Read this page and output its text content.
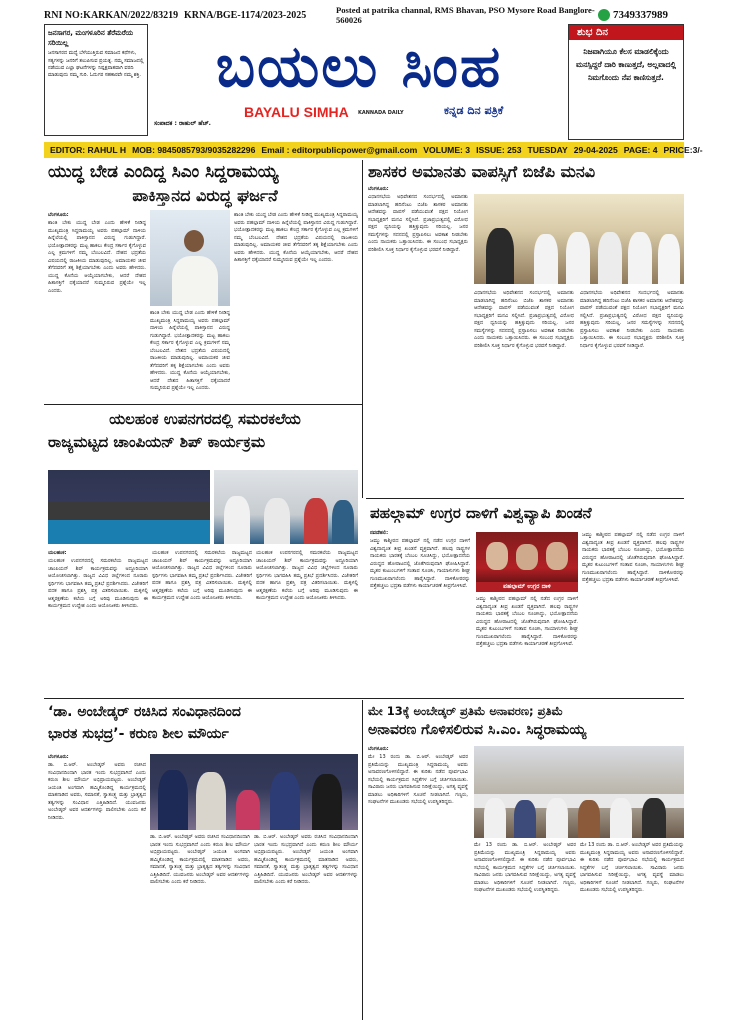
RNI NO:KARKAN/2022/83219 KRNA/BGE-1174/2023-2025	Posted at patrika channal, RMS Bhavan, PSO Mysore Road Banglore-560026	7349337989
ಜನಸಾಗರ, ಮಂಗಳೂರಿನ ತೆರೆಮರೆಯ ಸರಿಯಿಲ್ಲ
ಜನಸಾಗರದ ಮಧ್ಯೆ ಬೆಳೆಯುತ್ತಿರುವ ಸಮಾಜದ ಕಥೆಗಳು, ಸತ್ಯಗಳನ್ನು ಜನರಿಗೆ ತಲುಪಿಸುವ ಪ್ರಯತ್ನ. ನಮ್ಮ ಸಮಾಜದಲ್ಲಿ ನಡೆಯುವ ಎಲ್ಲಾ ಘಟನೆಗಳನ್ನು ನಿಷ್ಪಕ್ಷಪಾತವಾಗಿ ವರದಿ ಮಾಡುವುದು ನಮ್ಮ ಗುರಿ. ಓದುಗರ ಸಹಕಾರವೇ ನಮ್ಮ ಶಕ್ತಿ.	ಬಯಲು ಸಿಂಹ
BAYALU SIMHA KANNADA DAILY	ಕನ್ನಡ ದಿನ ಪತ್ರಿಕೆ
ಸಂಪಾದಕ : ರಾಹುಲ್ ಹೆಚ್.
ಶುಭ ದಿನ
ನಿಜವಾಗಿಯೂ ಕೆಲಸ ಮಾಡಲಿಕ್ಕೆಂದು ಮನಸ್ಸಿದ್ದರೆ ದಾರಿ ಕಾಣುತ್ತದೆ, ಅಲ್ಲವಾದಲ್ಲಿ ನಿಮಗೊಂದು ನೆಪ ಕಾಣಿಸುತ್ತದೆ.
EDITOR: RAHUL H MOB: 9845085793/9035282296 Email : editorpublicpower@gmail.com VOLUME: 3 ISSUE: 253 TUESDAY 29-04-2025 PAGE: 4 PRICE:3/-
ಯುದ್ಧ ಬೇಡ ಎಂದಿದ್ದ ಸಿಎಂ ಸಿದ್ದರಾಮಯ್ಯ
ಪಾಕಿಸ್ತಾನದ ವಿರುದ್ಧ ಘರ್ಜನೆ
ಬೆಂಗಳೂರು:
ಶಾಂತಿ ಬೇಕು ಯುದ್ಧ ಬೇಡ ಎಂದು ಹೇಳಿಕೆ ನೀಡಿದ್ದ ಮುಖ್ಯಮಂತ್ರಿ ಸಿದ್ದರಾಮಯ್ಯ ಅವರು ಪಹಲ್ಗಾಮ್ ದಾಳಿಯ ಹಿನ್ನೆಲೆಯಲ್ಲಿ ಪಾಕಿಸ್ತಾನದ ವಿರುದ್ಧ ಗುಡುಗಿದ್ದಾರೆ. ಭಯೋತ್ಪಾದಕರನ್ನು ಮಟ್ಟ ಹಾಕಲು ಕೇಂದ್ರ ಸರ್ಕಾರ ಕೈಗೊಳ್ಳುವ ಎಲ್ಲ ಕ್ರಮಗಳಿಗೆ ನಮ್ಮ ಬೆಂಬಲವಿದೆ. ದೇಶದ ಭದ್ರತೆಯ ವಿಷಯದಲ್ಲಿ ರಾಜಕೀಯ ಮಾಡುವುದಿಲ್ಲ. ಅಮಾಯಕರ ಜೀವ ತೆಗೆದವರಿಗೆ ತಕ್ಕ ಶಿಕ್ಷೆಯಾಗಬೇಕು ಎಂದು ಅವರು ಹೇಳಿದರು. ಯುದ್ಧ ಕೊನೆಯ ಆಯ್ಕೆಯಾಗಬೇಕು, ಆದರೆ ದೇಶದ ಹಿತಾಸಕ್ತಿಗೆ ಧಕ್ಕೆಯಾದರೆ ಸುಮ್ಮನಿರುವ ಪ್ರಶ್ನೆಯೇ ಇಲ್ಲ ಎಂದರು.
ಶಾಂತಿ ಬೇಕು ಯುದ್ಧ ಬೇಡ ಎಂದು ಹೇಳಿಕೆ ನೀಡಿದ್ದ ಮುಖ್ಯಮಂತ್ರಿ ಸಿದ್ದರಾಮಯ್ಯ ಅವರು ಪಹಲ್ಗಾಮ್ ದಾಳಿಯ ಹಿನ್ನೆಲೆಯಲ್ಲಿ ಪಾಕಿಸ್ತಾನದ ವಿರುದ್ಧ ಗುಡುಗಿದ್ದಾರೆ. ಭಯೋತ್ಪಾದಕರನ್ನು ಮಟ್ಟ ಹಾಕಲು ಕೇಂದ್ರ ಸರ್ಕಾರ ಕೈಗೊಳ್ಳುವ ಎಲ್ಲ ಕ್ರಮಗಳಿಗೆ ನಮ್ಮ ಬೆಂಬಲವಿದೆ. ದೇಶದ ಭದ್ರತೆಯ ವಿಷಯದಲ್ಲಿ ರಾಜಕೀಯ ಮಾಡುವುದಿಲ್ಲ. ಅಮಾಯಕರ ಜೀವ ತೆಗೆದವರಿಗೆ ತಕ್ಕ ಶಿಕ್ಷೆಯಾಗಬೇಕು ಎಂದು ಅವರು ಹೇಳಿದರು. ಯುದ್ಧ ಕೊನೆಯ ಆಯ್ಕೆಯಾಗಬೇಕು, ಆದರೆ ದೇಶದ ಹಿತಾಸಕ್ತಿಗೆ ಧಕ್ಕೆಯಾದರೆ ಸುಮ್ಮನಿರುವ ಪ್ರಶ್ನೆಯೇ ಇಲ್ಲ ಎಂದರು.
ಶಾಂತಿ ಬೇಕು ಯುದ್ಧ ಬೇಡ ಎಂದು ಹೇಳಿಕೆ ನೀಡಿದ್ದ ಮುಖ್ಯಮಂತ್ರಿ ಸಿದ್ದರಾಮಯ್ಯ ಅವರು ಪಹಲ್ಗಾಮ್ ದಾಳಿಯ ಹಿನ್ನೆಲೆಯಲ್ಲಿ ಪಾಕಿಸ್ತಾನದ ವಿರುದ್ಧ ಗುಡುಗಿದ್ದಾರೆ. ಭಯೋತ್ಪಾದಕರನ್ನು ಮಟ್ಟ ಹಾಕಲು ಕೇಂದ್ರ ಸರ್ಕಾರ ಕೈಗೊಳ್ಳುವ ಎಲ್ಲ ಕ್ರಮಗಳಿಗೆ ನಮ್ಮ ಬೆಂಬಲವಿದೆ. ದೇಶದ ಭದ್ರತೆಯ ವಿಷಯದಲ್ಲಿ ರಾಜಕೀಯ ಮಾಡುವುದಿಲ್ಲ. ಅಮಾಯಕರ ಜೀವ ತೆಗೆದವರಿಗೆ ತಕ್ಕ ಶಿಕ್ಷೆಯಾಗಬೇಕು ಎಂದು ಅವರು ಹೇಳಿದರು. ಯುದ್ಧ ಕೊನೆಯ ಆಯ್ಕೆಯಾಗಬೇಕು, ಆದರೆ ದೇಶದ ಹಿತಾಸಕ್ತಿಗೆ ಧಕ್ಕೆಯಾದರೆ ಸುಮ್ಮನಿರುವ ಪ್ರಶ್ನೆಯೇ ಇಲ್ಲ ಎಂದರು.
ಶಾಸಕರ ಅಮಾನತು ವಾಪಸ್ಸಿಗೆ ಬಿಜೆಪಿ ಮನವಿ
ಬೆಂಗಳೂರು:
ವಿಧಾನಸಭೆಯ ಅಧಿವೇಶನದ ಸಂದರ್ಭದಲ್ಲಿ ಅಮಾನತು ಮಾಡಲಾಗಿದ್ದ ಹದಿನೆಂಟು ಬಿಜೆಪಿ ಶಾಸಕರ ಅಮಾನತು ಆದೇಶವನ್ನು ವಾಪಸ್ ಪಡೆಯುವಂತೆ ಪಕ್ಷದ ನಿಯೋಗ ಸಭಾಧ್ಯಕ್ಷರಿಗೆ ಮನವಿ ಸಲ್ಲಿಸಿದೆ. ಪ್ರಜಾಪ್ರಭುತ್ವದಲ್ಲಿ ವಿರೋಧ ಪಕ್ಷದ ಧ್ವನಿಯನ್ನು ಹತ್ತಿಕ್ಕುವುದು ಸರಿಯಲ್ಲ. ಜನರ ಸಮಸ್ಯೆಗಳನ್ನು ಸದನದಲ್ಲಿ ಪ್ರಸ್ತಾಪಿಸಲು ಅವಕಾಶ ನೀಡಬೇಕು ಎಂದು ನಾಯಕರು ಒತ್ತಾಯಿಸಿದರು. ಈ ಸಂಬಂಧ ಸಭಾಧ್ಯಕ್ಷರು ಪರಿಶೀಲಿಸಿ ಸೂಕ್ತ ನಿರ್ಧಾರ ಕೈಗೊಳ್ಳುವ ಭರವಸೆ ನೀಡಿದ್ದಾರೆ.
ವಿಧಾನಸಭೆಯ ಅಧಿವೇಶನದ ಸಂದರ್ಭದಲ್ಲಿ ಅಮಾನತು ಮಾಡಲಾಗಿದ್ದ ಹದಿನೆಂಟು ಬಿಜೆಪಿ ಶಾಸಕರ ಅಮಾನತು ಆದೇಶವನ್ನು ವಾಪಸ್ ಪಡೆಯುವಂತೆ ಪಕ್ಷದ ನಿಯೋಗ ಸಭಾಧ್ಯಕ್ಷರಿಗೆ ಮನವಿ ಸಲ್ಲಿಸಿದೆ. ಪ್ರಜಾಪ್ರಭುತ್ವದಲ್ಲಿ ವಿರೋಧ ಪಕ್ಷದ ಧ್ವನಿಯನ್ನು ಹತ್ತಿಕ್ಕುವುದು ಸರಿಯಲ್ಲ. ಜನರ ಸಮಸ್ಯೆಗಳನ್ನು ಸದನದಲ್ಲಿ ಪ್ರಸ್ತಾಪಿಸಲು ಅವಕಾಶ ನೀಡಬೇಕು ಎಂದು ನಾಯಕರು ಒತ್ತಾಯಿಸಿದರು. ಈ ಸಂಬಂಧ ಸಭಾಧ್ಯಕ್ಷರು ಪರಿಶೀಲಿಸಿ ಸೂಕ್ತ ನಿರ್ಧಾರ ಕೈಗೊಳ್ಳುವ ಭರವಸೆ ನೀಡಿದ್ದಾರೆ.
ವಿಧಾನಸಭೆಯ ಅಧಿವೇಶನದ ಸಂದರ್ಭದಲ್ಲಿ ಅಮಾನತು ಮಾಡಲಾಗಿದ್ದ ಹದಿನೆಂಟು ಬಿಜೆಪಿ ಶಾಸಕರ ಅಮಾನತು ಆದೇಶವನ್ನು ವಾಪಸ್ ಪಡೆಯುವಂತೆ ಪಕ್ಷದ ನಿಯೋಗ ಸಭಾಧ್ಯಕ್ಷರಿಗೆ ಮನವಿ ಸಲ್ಲಿಸಿದೆ. ಪ್ರಜಾಪ್ರಭುತ್ವದಲ್ಲಿ ವಿರೋಧ ಪಕ್ಷದ ಧ್ವನಿಯನ್ನು ಹತ್ತಿಕ್ಕುವುದು ಸರಿಯಲ್ಲ. ಜನರ ಸಮಸ್ಯೆಗಳನ್ನು ಸದನದಲ್ಲಿ ಪ್ರಸ್ತಾಪಿಸಲು ಅವಕಾಶ ನೀಡಬೇಕು ಎಂದು ನಾಯಕರು ಒತ್ತಾಯಿಸಿದರು. ಈ ಸಂಬಂಧ ಸಭಾಧ್ಯಕ್ಷರು ಪರಿಶೀಲಿಸಿ ಸೂಕ್ತ ನಿರ್ಧಾರ ಕೈಗೊಳ್ಳುವ ಭರವಸೆ ನೀಡಿದ್ದಾರೆ.
ಯಲಹಂಕ ಉಪನಗರದಲ್ಲಿ ಸಮರಕಲೆಯ
ರಾಜ್ಯಮಟ್ಟದ ಚಾಂಪಿಯನ್ ಶಿಪ್ ಕಾರ್ಯಕ್ರಮ
ಯಲಹಂಕ:
ಯಲಹಂಕ ಉಪನಗರದಲ್ಲಿ ಸಮರಕಲೆಯ ರಾಜ್ಯಮಟ್ಟದ ಚಾಂಪಿಯನ್ ಶಿಪ್ ಕಾರ್ಯಕ್ರಮವನ್ನು ಅದ್ದೂರಿಯಾಗಿ ಆಯೋಜಿಸಲಾಗಿತ್ತು. ರಾಜ್ಯದ ವಿವಿಧ ಜಿಲ್ಲೆಗಳಿಂದ ನೂರಾರು ಸ್ಪರ್ಧಿಗಳು ಭಾಗವಹಿಸಿ ತಮ್ಮ ಪ್ರತಿಭೆ ಪ್ರದರ್ಶಿಸಿದರು. ವಿಜೇತರಿಗೆ ಪದಕ ಹಾಗೂ ಪ್ರಶಸ್ತಿ ಪತ್ರ ವಿತರಿಸಲಾಯಿತು. ಮಕ್ಕಳಲ್ಲಿ ಆತ್ಮರಕ್ಷಣೆಯ ಕಲೆಯ ಬಗ್ಗೆ ಅರಿವು ಮೂಡಿಸುವುದು ಈ ಕಾರ್ಯಕ್ರಮದ ಉದ್ದೇಶ ಎಂದು ಆಯೋಜಕರು ತಿಳಿಸಿದರು.
ಯಲಹಂಕ ಉಪನಗರದಲ್ಲಿ ಸಮರಕಲೆಯ ರಾಜ್ಯಮಟ್ಟದ ಚಾಂಪಿಯನ್ ಶಿಪ್ ಕಾರ್ಯಕ್ರಮವನ್ನು ಅದ್ದೂರಿಯಾಗಿ ಆಯೋಜಿಸಲಾಗಿತ್ತು. ರಾಜ್ಯದ ವಿವಿಧ ಜಿಲ್ಲೆಗಳಿಂದ ನೂರಾರು ಸ್ಪರ್ಧಿಗಳು ಭಾಗವಹಿಸಿ ತಮ್ಮ ಪ್ರತಿಭೆ ಪ್ರದರ್ಶಿಸಿದರು. ವಿಜೇತರಿಗೆ ಪದಕ ಹಾಗೂ ಪ್ರಶಸ್ತಿ ಪತ್ರ ವಿತರಿಸಲಾಯಿತು. ಮಕ್ಕಳಲ್ಲಿ ಆತ್ಮರಕ್ಷಣೆಯ ಕಲೆಯ ಬಗ್ಗೆ ಅರಿವು ಮೂಡಿಸುವುದು ಈ ಕಾರ್ಯಕ್ರಮದ ಉದ್ದೇಶ ಎಂದು ಆಯೋಜಕರು ತಿಳಿಸಿದರು.
ಯಲಹಂಕ ಉಪನಗರದಲ್ಲಿ ಸಮರಕಲೆಯ ರಾಜ್ಯಮಟ್ಟದ ಚಾಂಪಿಯನ್ ಶಿಪ್ ಕಾರ್ಯಕ್ರಮವನ್ನು ಅದ್ದೂರಿಯಾಗಿ ಆಯೋಜಿಸಲಾಗಿತ್ತು. ರಾಜ್ಯದ ವಿವಿಧ ಜಿಲ್ಲೆಗಳಿಂದ ನೂರಾರು ಸ್ಪರ್ಧಿಗಳು ಭಾಗವಹಿಸಿ ತಮ್ಮ ಪ್ರತಿಭೆ ಪ್ರದರ್ಶಿಸಿದರು. ವಿಜೇತರಿಗೆ ಪದಕ ಹಾಗೂ ಪ್ರಶಸ್ತಿ ಪತ್ರ ವಿತರಿಸಲಾಯಿತು. ಮಕ್ಕಳಲ್ಲಿ ಆತ್ಮರಕ್ಷಣೆಯ ಕಲೆಯ ಬಗ್ಗೆ ಅರಿವು ಮೂಡಿಸುವುದು ಈ ಕಾರ್ಯಕ್ರಮದ ಉದ್ದೇಶ ಎಂದು ಆಯೋಜಕರು ತಿಳಿಸಿದರು.
ಪಹಲ್ಗಾಮ್ ಉಗ್ರರ ದಾಳಿಗೆ ವಿಶ್ವವ್ಯಾಪಿ ಖಂಡನೆ
ನವದೆಹಲಿ:
ಜಮ್ಮು ಕಾಶ್ಮೀರದ ಪಹಲ್ಗಾಮ್ ನಲ್ಲಿ ನಡೆದ ಉಗ್ರರ ದಾಳಿಗೆ ವಿಶ್ವದಾದ್ಯಂತ ತೀವ್ರ ಖಂಡನೆ ವ್ಯಕ್ತವಾಗಿದೆ. ಹಲವು ರಾಷ್ಟ್ರಗಳ ನಾಯಕರು ಭಾರತಕ್ಕೆ ಬೆಂಬಲ ಸೂಚಿಸಿದ್ದು, ಭಯೋತ್ಪಾದನೆಯ ವಿರುದ್ಧದ ಹೋರಾಟದಲ್ಲಿ ಜೊತೆಗಿರುವುದಾಗಿ ಘೋಷಿಸಿದ್ದಾರೆ. ಮೃತರ ಕುಟುಂಬಗಳಿಗೆ ಸಂತಾಪ ಸೂಚಿಸಿ, ಗಾಯಾಳುಗಳು ಶೀಘ್ರ ಗುಣಮುಖರಾಗಲೆಂದು ಹಾರೈಸಿದ್ದಾರೆ. ದಾಳಿಕೋರರನ್ನು ಪತ್ತೆಹಚ್ಚಲು ಭದ್ರತಾ ಪಡೆಗಳು ಕಾರ್ಯಾಚರಣೆ ತೀವ್ರಗೊಳಿಸಿವೆ.	ಪಹಲ್ಗಾಮ್ ಉಗ್ರರ ದಾಳಿ
ಜಮ್ಮು ಕಾಶ್ಮೀರದ ಪಹಲ್ಗಾಮ್ ನಲ್ಲಿ ನಡೆದ ಉಗ್ರರ ದಾಳಿಗೆ ವಿಶ್ವದಾದ್ಯಂತ ತೀವ್ರ ಖಂಡನೆ ವ್ಯಕ್ತವಾಗಿದೆ. ಹಲವು ರಾಷ್ಟ್ರಗಳ ನಾಯಕರು ಭಾರತಕ್ಕೆ ಬೆಂಬಲ ಸೂಚಿಸಿದ್ದು, ಭಯೋತ್ಪಾದನೆಯ ವಿರುದ್ಧದ ಹೋರಾಟದಲ್ಲಿ ಜೊತೆಗಿರುವುದಾಗಿ ಘೋಷಿಸಿದ್ದಾರೆ. ಮೃತರ ಕುಟುಂಬಗಳಿಗೆ ಸಂತಾಪ ಸೂಚಿಸಿ, ಗಾಯಾಳುಗಳು ಶೀಘ್ರ ಗುಣಮುಖರಾಗಲೆಂದು ಹಾರೈಸಿದ್ದಾರೆ. ದಾಳಿಕೋರರನ್ನು ಪತ್ತೆಹಚ್ಚಲು ಭದ್ರತಾ ಪಡೆಗಳು ಕಾರ್ಯಾಚರಣೆ ತೀವ್ರಗೊಳಿಸಿವೆ.
ಜಮ್ಮು ಕಾಶ್ಮೀರದ ಪಹಲ್ಗಾಮ್ ನಲ್ಲಿ ನಡೆದ ಉಗ್ರರ ದಾಳಿಗೆ ವಿಶ್ವದಾದ್ಯಂತ ತೀವ್ರ ಖಂಡನೆ ವ್ಯಕ್ತವಾಗಿದೆ. ಹಲವು ರಾಷ್ಟ್ರಗಳ ನಾಯಕರು ಭಾರತಕ್ಕೆ ಬೆಂಬಲ ಸೂಚಿಸಿದ್ದು, ಭಯೋತ್ಪಾದನೆಯ ವಿರುದ್ಧದ ಹೋರಾಟದಲ್ಲಿ ಜೊತೆಗಿರುವುದಾಗಿ ಘೋಷಿಸಿದ್ದಾರೆ. ಮೃತರ ಕುಟುಂಬಗಳಿಗೆ ಸಂತಾಪ ಸೂಚಿಸಿ, ಗಾಯಾಳುಗಳು ಶೀಘ್ರ ಗುಣಮುಖರಾಗಲೆಂದು ಹಾರೈಸಿದ್ದಾರೆ. ದಾಳಿಕೋರರನ್ನು ಪತ್ತೆಹಚ್ಚಲು ಭದ್ರತಾ ಪಡೆಗಳು ಕಾರ್ಯಾಚರಣೆ ತೀವ್ರಗೊಳಿಸಿವೆ.
‘ಡಾ. ಅಂಬೇಡ್ಕರ್ ರಚಿಸಿದ ಸಂವಿಧಾನದಿಂದ
ಭಾರತ ಸುಭದ್ರ’- ಕರುಣ ಶೀಲ ಮೌರ್ಯ
ಬೆಂಗಳೂರು:
ಡಾ. ಬಿ.ಆರ್. ಅಂಬೇಡ್ಕರ್ ಅವರು ರಚಿಸಿದ ಸಂವಿಧಾನದಿಂದಾಗಿ ಭಾರತ ಇಂದು ಸುಭದ್ರವಾಗಿದೆ ಎಂದು ಕರುಣ ಶೀಲ ಮೌರ್ಯ ಅಭಿಪ್ರಾಯಪಟ್ಟರು. ಅಂಬೇಡ್ಕರ್ ಜಯಂತಿ ಅಂಗವಾಗಿ ಹಮ್ಮಿಕೊಂಡಿದ್ದ ಕಾರ್ಯಕ್ರಮದಲ್ಲಿ ಮಾತನಾಡಿದ ಅವರು, ಸಮಾನತೆ, ಸ್ವಾತಂತ್ರ್ಯ ಮತ್ತು ಭ್ರಾತೃತ್ವದ ತತ್ವಗಳನ್ನು ಸಂವಿಧಾನ ಎತ್ತಿಹಿಡಿದಿದೆ. ಯುವಜನರು ಅಂಬೇಡ್ಕರ್ ಅವರ ಆದರ್ಶಗಳನ್ನು ಪಾಲಿಸಬೇಕು ಎಂದು ಕರೆ ನೀಡಿದರು.
ಡಾ. ಬಿ.ಆರ್. ಅಂಬೇಡ್ಕರ್ ಅವರು ರಚಿಸಿದ ಸಂವಿಧಾನದಿಂದಾಗಿ ಭಾರತ ಇಂದು ಸುಭದ್ರವಾಗಿದೆ ಎಂದು ಕರುಣ ಶೀಲ ಮೌರ್ಯ ಅಭಿಪ್ರಾಯಪಟ್ಟರು. ಅಂಬೇಡ್ಕರ್ ಜಯಂತಿ ಅಂಗವಾಗಿ ಹಮ್ಮಿಕೊಂಡಿದ್ದ ಕಾರ್ಯಕ್ರಮದಲ್ಲಿ ಮಾತನಾಡಿದ ಅವರು, ಸಮಾನತೆ, ಸ್ವಾತಂತ್ರ್ಯ ಮತ್ತು ಭ್ರಾತೃತ್ವದ ತತ್ವಗಳನ್ನು ಸಂವಿಧಾನ ಎತ್ತಿಹಿಡಿದಿದೆ. ಯುವಜನರು ಅಂಬೇಡ್ಕರ್ ಅವರ ಆದರ್ಶಗಳನ್ನು ಪಾಲಿಸಬೇಕು ಎಂದು ಕರೆ ನೀಡಿದರು.
ಡಾ. ಬಿ.ಆರ್. ಅಂಬೇಡ್ಕರ್ ಅವರು ರಚಿಸಿದ ಸಂವಿಧಾನದಿಂದಾಗಿ ಭಾರತ ಇಂದು ಸುಭದ್ರವಾಗಿದೆ ಎಂದು ಕರುಣ ಶೀಲ ಮೌರ್ಯ ಅಭಿಪ್ರಾಯಪಟ್ಟರು. ಅಂಬೇಡ್ಕರ್ ಜಯಂತಿ ಅಂಗವಾಗಿ ಹಮ್ಮಿಕೊಂಡಿದ್ದ ಕಾರ್ಯಕ್ರಮದಲ್ಲಿ ಮಾತನಾಡಿದ ಅವರು, ಸಮಾನತೆ, ಸ್ವಾತಂತ್ರ್ಯ ಮತ್ತು ಭ್ರಾತೃತ್ವದ ತತ್ವಗಳನ್ನು ಸಂವಿಧಾನ ಎತ್ತಿಹಿಡಿದಿದೆ. ಯುವಜನರು ಅಂಬೇಡ್ಕರ್ ಅವರ ಆದರ್ಶಗಳನ್ನು ಪಾಲಿಸಬೇಕು ಎಂದು ಕರೆ ನೀಡಿದರು.
ಮೇ 13ಕ್ಕೆ ಅಂಬೇಡ್ಕರ್ ಪ್ರತಿಮೆ ಅನಾವರಣ; ಪ್ರತಿಮೆ
ಅನಾವರಣ ಗೊಳಿಸಲಿರುವ ಸಿ.ಎಂ. ಸಿದ್ಧರಾಮಯ್ಯ
ಬೆಂಗಳೂರು:
ಮೇ 13 ರಂದು ಡಾ. ಬಿ.ಆರ್. ಅಂಬೇಡ್ಕರ್ ಅವರ ಪ್ರತಿಮೆಯನ್ನು ಮುಖ್ಯಮಂತ್ರಿ ಸಿದ್ಧರಾಮಯ್ಯ ಅವರು ಅನಾವರಣಗೊಳಿಸಲಿದ್ದಾರೆ. ಈ ಕುರಿತು ನಡೆದ ಪೂರ್ವಭಾವಿ ಸಭೆಯಲ್ಲಿ ಕಾರ್ಯಕ್ರಮದ ಸಿದ್ಧತೆಗಳ ಬಗ್ಗೆ ಚರ್ಚಿಸಲಾಯಿತು. ಸಾವಿರಾರು ಜನರು ಭಾಗವಹಿಸುವ ನಿರೀಕ್ಷೆಯಿದ್ದು, ಅಗತ್ಯ ವ್ಯವಸ್ಥೆ ಮಾಡಲು ಅಧಿಕಾರಿಗಳಿಗೆ ಸೂಚನೆ ನೀಡಲಾಗಿದೆ. ಗಣ್ಯರು, ಸಂಘಟನೆಗಳ ಮುಖಂಡರು ಸಭೆಯಲ್ಲಿ ಉಪಸ್ಥಿತರಿದ್ದರು.
ಮೇ 13 ರಂದು ಡಾ. ಬಿ.ಆರ್. ಅಂಬೇಡ್ಕರ್ ಅವರ ಪ್ರತಿಮೆಯನ್ನು ಮುಖ್ಯಮಂತ್ರಿ ಸಿದ್ಧರಾಮಯ್ಯ ಅವರು ಅನಾವರಣಗೊಳಿಸಲಿದ್ದಾರೆ. ಈ ಕುರಿತು ನಡೆದ ಪೂರ್ವಭಾವಿ ಸಭೆಯಲ್ಲಿ ಕಾರ್ಯಕ್ರಮದ ಸಿದ್ಧತೆಗಳ ಬಗ್ಗೆ ಚರ್ಚಿಸಲಾಯಿತು. ಸಾವಿರಾರು ಜನರು ಭಾಗವಹಿಸುವ ನಿರೀಕ್ಷೆಯಿದ್ದು, ಅಗತ್ಯ ವ್ಯವಸ್ಥೆ ಮಾಡಲು ಅಧಿಕಾರಿಗಳಿಗೆ ಸೂಚನೆ ನೀಡಲಾಗಿದೆ. ಗಣ್ಯರು, ಸಂಘಟನೆಗಳ ಮುಖಂಡರು ಸಭೆಯಲ್ಲಿ ಉಪಸ್ಥಿತರಿದ್ದರು.
ಮೇ 13 ರಂದು ಡಾ. ಬಿ.ಆರ್. ಅಂಬೇಡ್ಕರ್ ಅವರ ಪ್ರತಿಮೆಯನ್ನು ಮುಖ್ಯಮಂತ್ರಿ ಸಿದ್ಧರಾಮಯ್ಯ ಅವರು ಅನಾವರಣಗೊಳಿಸಲಿದ್ದಾರೆ. ಈ ಕುರಿತು ನಡೆದ ಪೂರ್ವಭಾವಿ ಸಭೆಯಲ್ಲಿ ಕಾರ್ಯಕ್ರಮದ ಸಿದ್ಧತೆಗಳ ಬಗ್ಗೆ ಚರ್ಚಿಸಲಾಯಿತು. ಸಾವಿರಾರು ಜನರು ಭಾಗವಹಿಸುವ ನಿರೀಕ್ಷೆಯಿದ್ದು, ಅಗತ್ಯ ವ್ಯವಸ್ಥೆ ಮಾಡಲು ಅಧಿಕಾರಿಗಳಿಗೆ ಸೂಚನೆ ನೀಡಲಾಗಿದೆ. ಗಣ್ಯರು, ಸಂಘಟನೆಗಳ ಮುಖಂಡರು ಸಭೆಯಲ್ಲಿ ಉಪಸ್ಥಿತರಿದ್ದರು.
